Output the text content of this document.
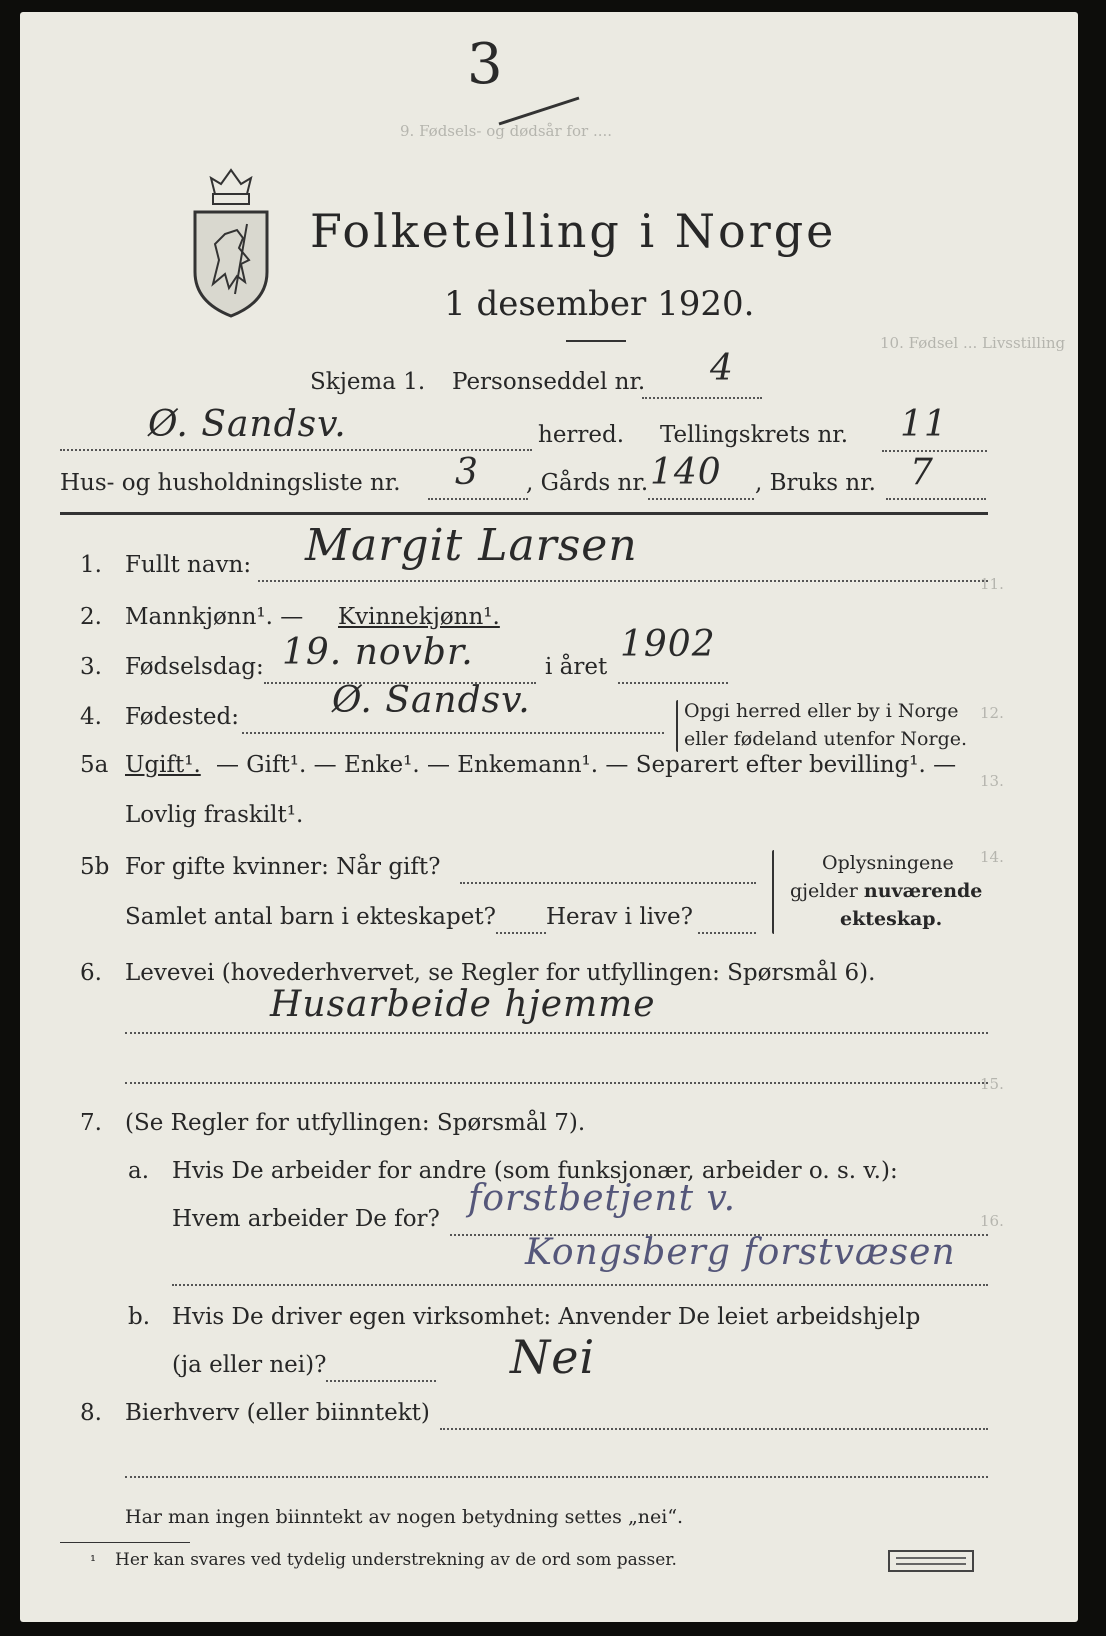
9. Fødsels- og dødsår for ....
10. Fødsel ... Livsstilling
11.
12.
13.
14.
15.
16.
3
Folketelling i Norge
1 desember 1920.
Skjema 1. Personseddel nr. 4
Ø. Sandsv.	herred. Tellingskrets nr. 11
Hus- og husholdningsliste nr. 3 , Gårds nr. 140 , Bruks nr. 7
1. Fullt navn: Margit Larsen
2. Mannkjønn¹. — Kvinnekjønn¹.
3. Fødselsdag: 19. novbr.	i året
1902
4. Fødested:	Ø. Sandsv.	Opgi herred eller by i Norge
eller fødeland utenfor Norge.
5a Ugift¹. — Gift¹. — Enke¹. — Enkemann¹. — Separert efter bevilling¹. —
Lovlig fraskilt¹.
5b For gifte kvinner: Når gift?
Samlet antal barn i ekteskapet? Herav i live?
Oplysningene
gjelder nuværende
ekteskap.
6. Levevei (hovederhvervet, se Regler for utfyllingen: Spørsmål 6).
Husarbeide hjemme
7. (Se Regler for utfyllingen: Spørsmål 7).
a. Hvis De arbeider for andre (som funksjonær, arbeider o. s. v.):
Hvem arbeider De for? forstbetjent v.
Kongsberg forstvæsen
b. Hvis De driver egen virksomhet: Anvender De leiet arbeidshjelp
(ja eller nei)?	Nei
8. Bierhverv (eller biinntekt)
Har man ingen biinntekt av nogen betydning settes „nei“.
¹ Her kan svares ved tydelig understrekning av de ord som passer.
